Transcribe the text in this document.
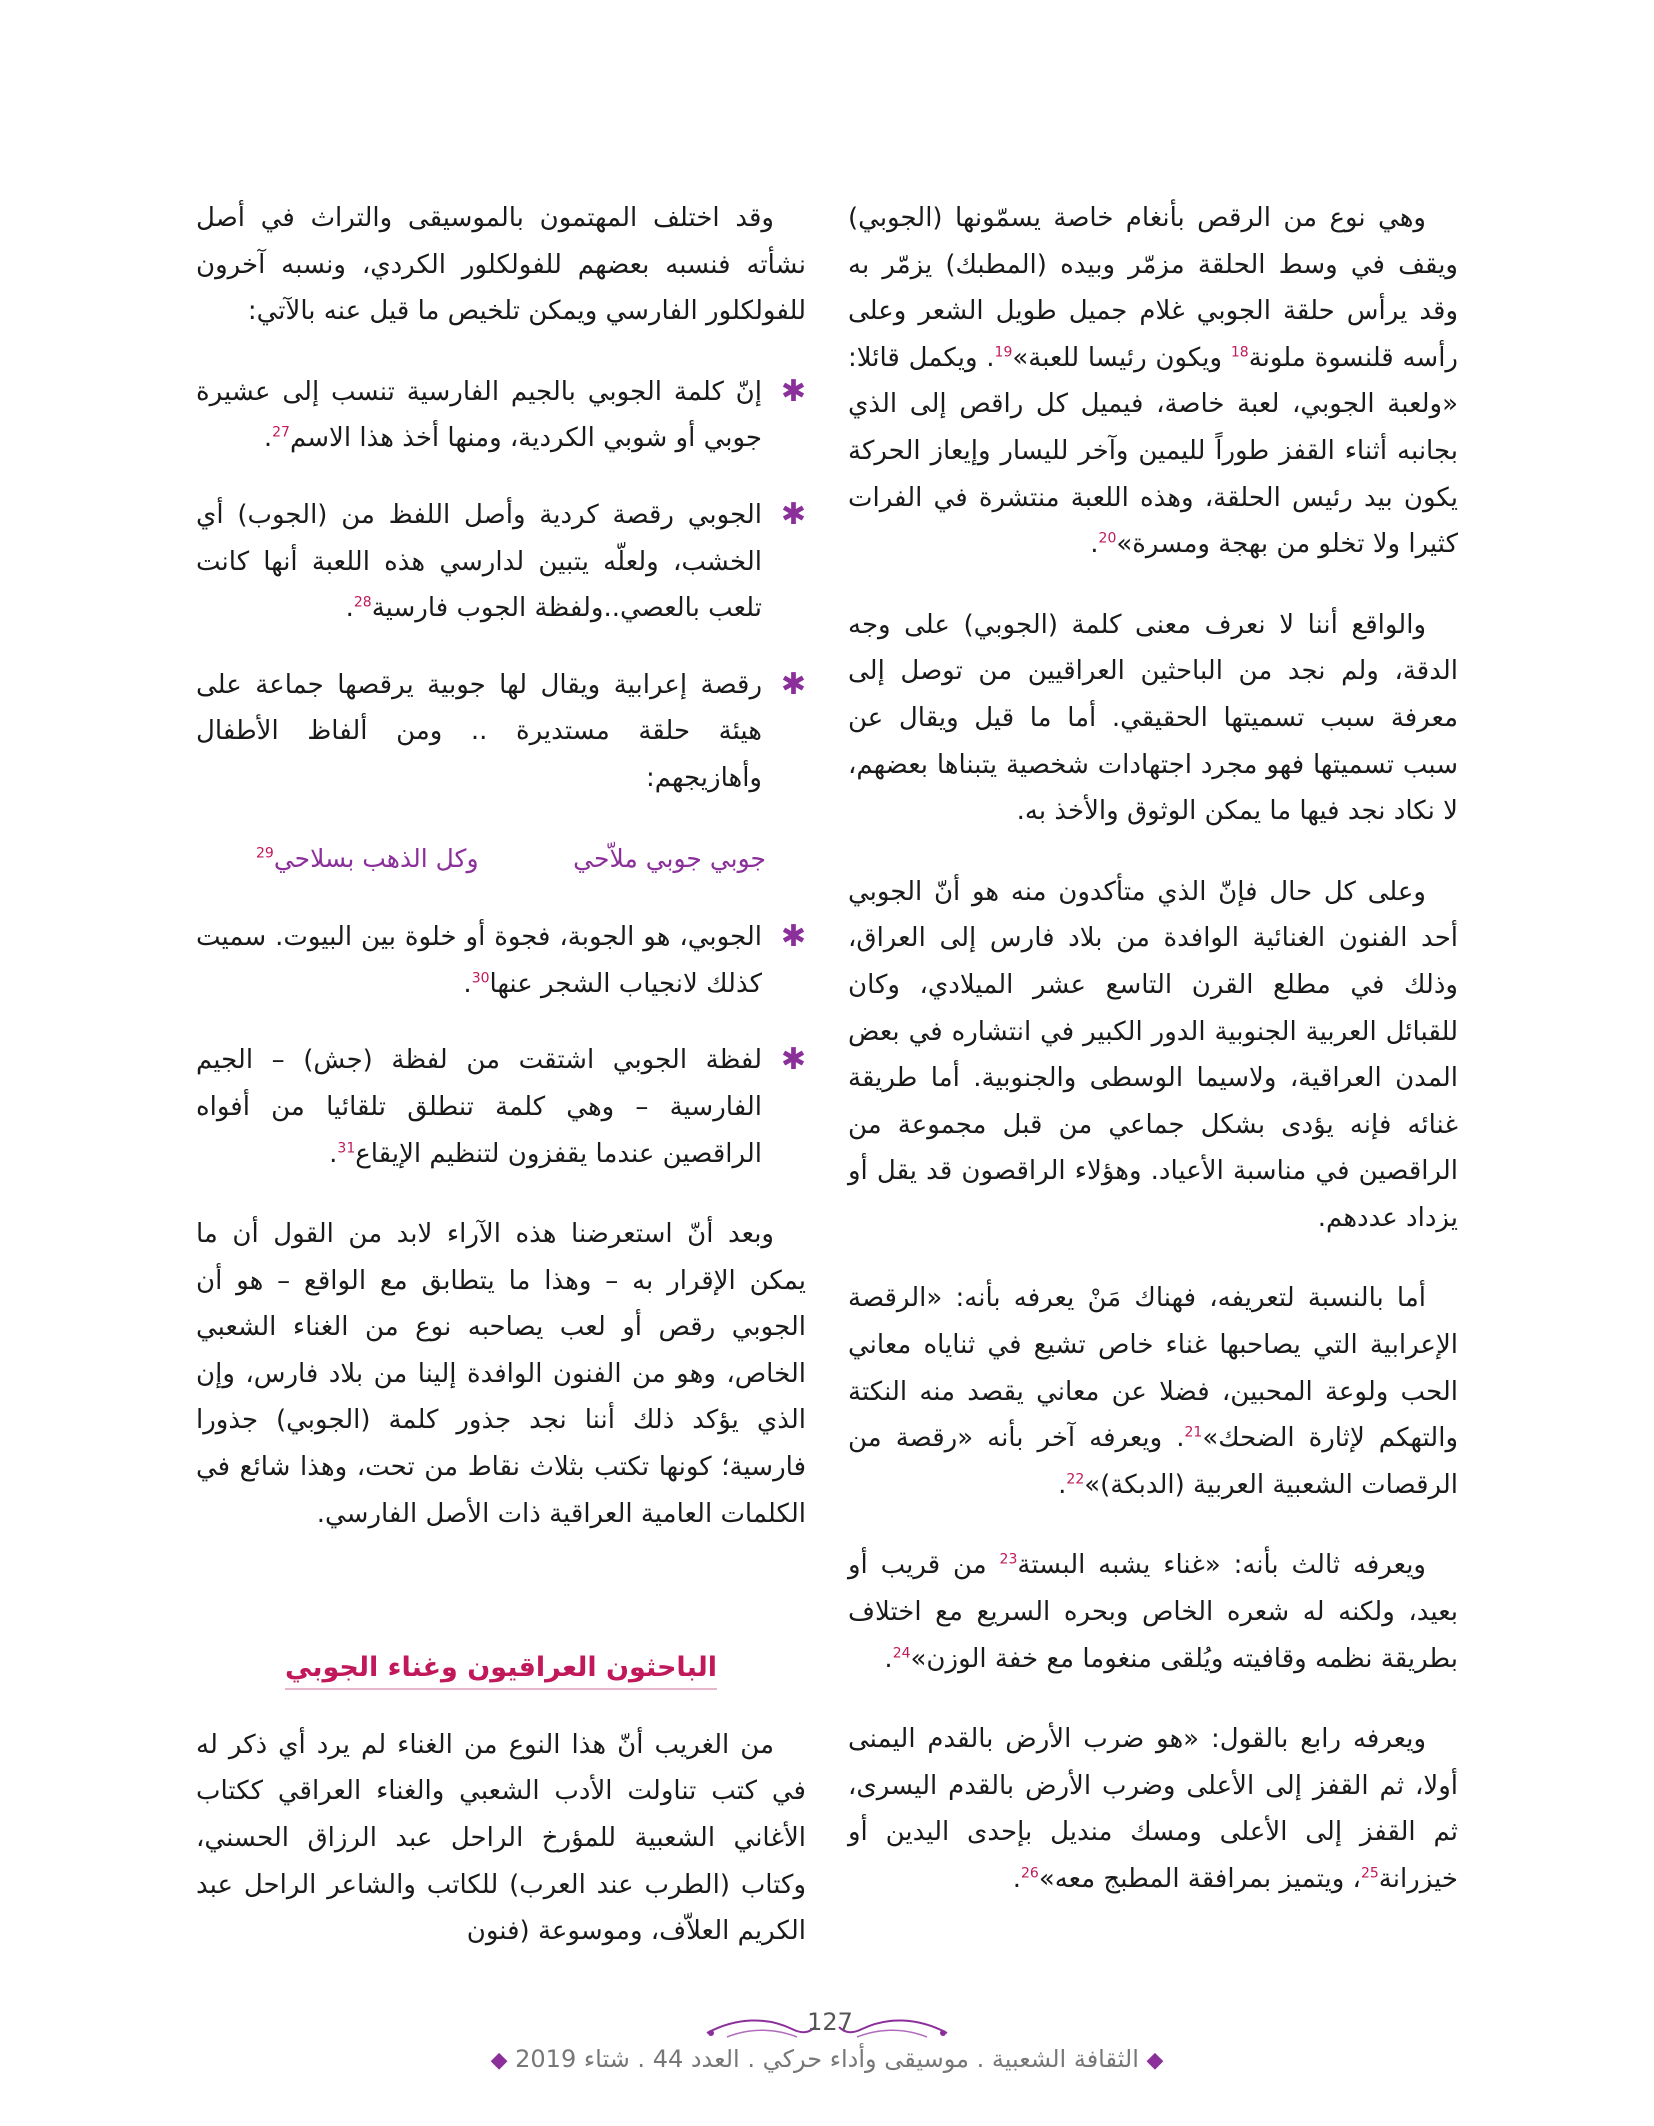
وهي نوع من الرقص بأنغام خاصة يسمّونها (الجوبي) ويقف في وسط الحلقة مزمّر وبيده (المطبك) يزمّر به وقد يرأس حلقة الجوبي غلام جميل طويل الشعر وعلى رأسه قلنسوة ملونة$^{18}$ ويكون رئيسا للعبة»$^{19}$. ويكمل قائلا: «ولعبة الجوبي، لعبة خاصة، فيميل كل راقص إلى الذي بجانبه أثناء القفز طوراً لليمين وآخر لليسار وإيعاز الحركة يكون بيد رئيس الحلقة، وهذه اللعبة منتشرة في الفرات كثيرا ولا تخلو من بهجة ومسرة»$^{20}$.

والواقع أننا لا نعرف معنى كلمة (الجوبي) على وجه الدقة، ولم نجد من الباحثين العراقيين من توصل إلى معرفة سبب تسميتها الحقيقي. أما ما قيل ويقال عن سبب تسميتها فهو مجرد اجتهادات شخصية يتبناها بعضهم، لا نكاد نجد فيها ما يمكن الوثوق والأخذ به.

وعلى كل حال فإنّ الذي متأكدون منه هو أنّ الجوبي أحد الفنون الغنائية الوافدة من بلاد فارس إلى العراق، وذلك في مطلع القرن التاسع عشر الميلادي، وكان للقبائل العربية الجنوبية الدور الكبير في انتشاره في بعض المدن العراقية، ولاسيما الوسطى والجنوبية. أما طريقة غنائه فإنه يؤدى بشكل جماعي من قبل مجموعة من الراقصين في مناسبة الأعياد. وهؤلاء الراقصون قد يقل أو يزداد عددهم.

أما بالنسبة لتعريفه، فهناك مَنْ يعرفه بأنه: «الرقصة الإعرابية التي يصاحبها غناء خاص تشيع في ثناياه معاني الحب ولوعة المحبين، فضلا عن معاني يقصد منه النكتة والتهكم لإثارة الضحك»$^{21}$. ويعرفه آخر بأنه «رقصة من الرقصات الشعبية العربية (الدبكة)»$^{22}$.

ويعرفه ثالث بأنه: «غناء يشبه البستة$^{23}$ من قريب أو بعيد، ولكنه له شعره الخاص وبحره السريع مع اختلاف بطريقة نظمه وقافيته ويُلقى منغوما مع خفة الوزن»$^{24}$.

ويعرفه رابع بالقول: «هو ضرب الأرض بالقدم اليمنى أولا، ثم القفز إلى الأعلى وضرب الأرض بالقدم اليسرى، ثم القفز إلى الأعلى ومسك منديل بإحدى اليدين أو خيزرانة$^{25}$، ويتميز بمرافقة المطبج معه»$^{26}$.

وقد اختلف المهتمون بالموسيقى والتراث في أصل نشأته فنسبه بعضهم للفولكلور الكردي، ونسبه آخرون للفولكلور الفارسي ويمكن تلخيص ما قيل عنه بالآتي:

✱
إنّ كلمة الجوبي بالجيم الفارسية تنسب إلى عشيرة جوبي أو شوبي الكردية، ومنها أخذ هذا الاسم$^{27}$.
✱
الجوبي رقصة كردية وأصل اللفظ من (الجوب) أي الخشب، ولعلّه يتبين لدارسي هذه اللعبة أنها كانت تلعب بالعصي..ولفظة الجوب فارسية$^{28}$.
✱
رقصة إعرابية ويقال لها جوبية يرقصها جماعة على هيئة حلقة مستديرة .. ومن ألفاظ الأطفال وأهازيجهم:
جوبي جوبي ملاّحي
وكل الذهب بسلاحي$^{29}$
✱
الجوبي، هو الجوبة، فجوة أو خلوة بين البيوت. سميت كذلك لانجياب الشجر عنها$^{30}$.
✱
لفظة الجوبي اشتقت من لفظة (جش) – الجيم الفارسية – وهي كلمة تنطلق تلقائيا من أفواه الراقصين عندما يقفزون لتنظيم الإيقاع$^{31}$.

وبعد أنّ استعرضنا هذه الآراء لابد من القول أن ما يمكن الإقرار به – وهذا ما يتطابق مع الواقع – هو أن الجوبي رقص أو لعب يصاحبه نوع من الغناء الشعبي الخاص، وهو من الفنون الوافدة إلينا من بلاد فارس، وإن الذي يؤكد ذلك أننا نجد جذور كلمة (الجوبي) جذورا فارسية؛ كونها تكتب بثلاث نقاط من تحت، وهذا شائع في الكلمات العامية العراقية ذات الأصل الفارسي.

الباحثون العراقيون وغناء الجوبي

من الغريب أنّ هذا النوع من الغناء لم يرد أي ذكر له في كتب تناولت الأدب الشعبي والغناء العراقي ككتاب الأغاني الشعبية للمؤرخ الراحل عبد الرزاق الحسني، وكتاب (الطرب عند العرب) للكاتب والشاعر الراحل عبد الكريم العلاّف، وموسوعة (فنون

127
◆ الثقافة الشعبية . موسيقى وأداء حركي . العدد 44 . شتاء 2019 ◆
